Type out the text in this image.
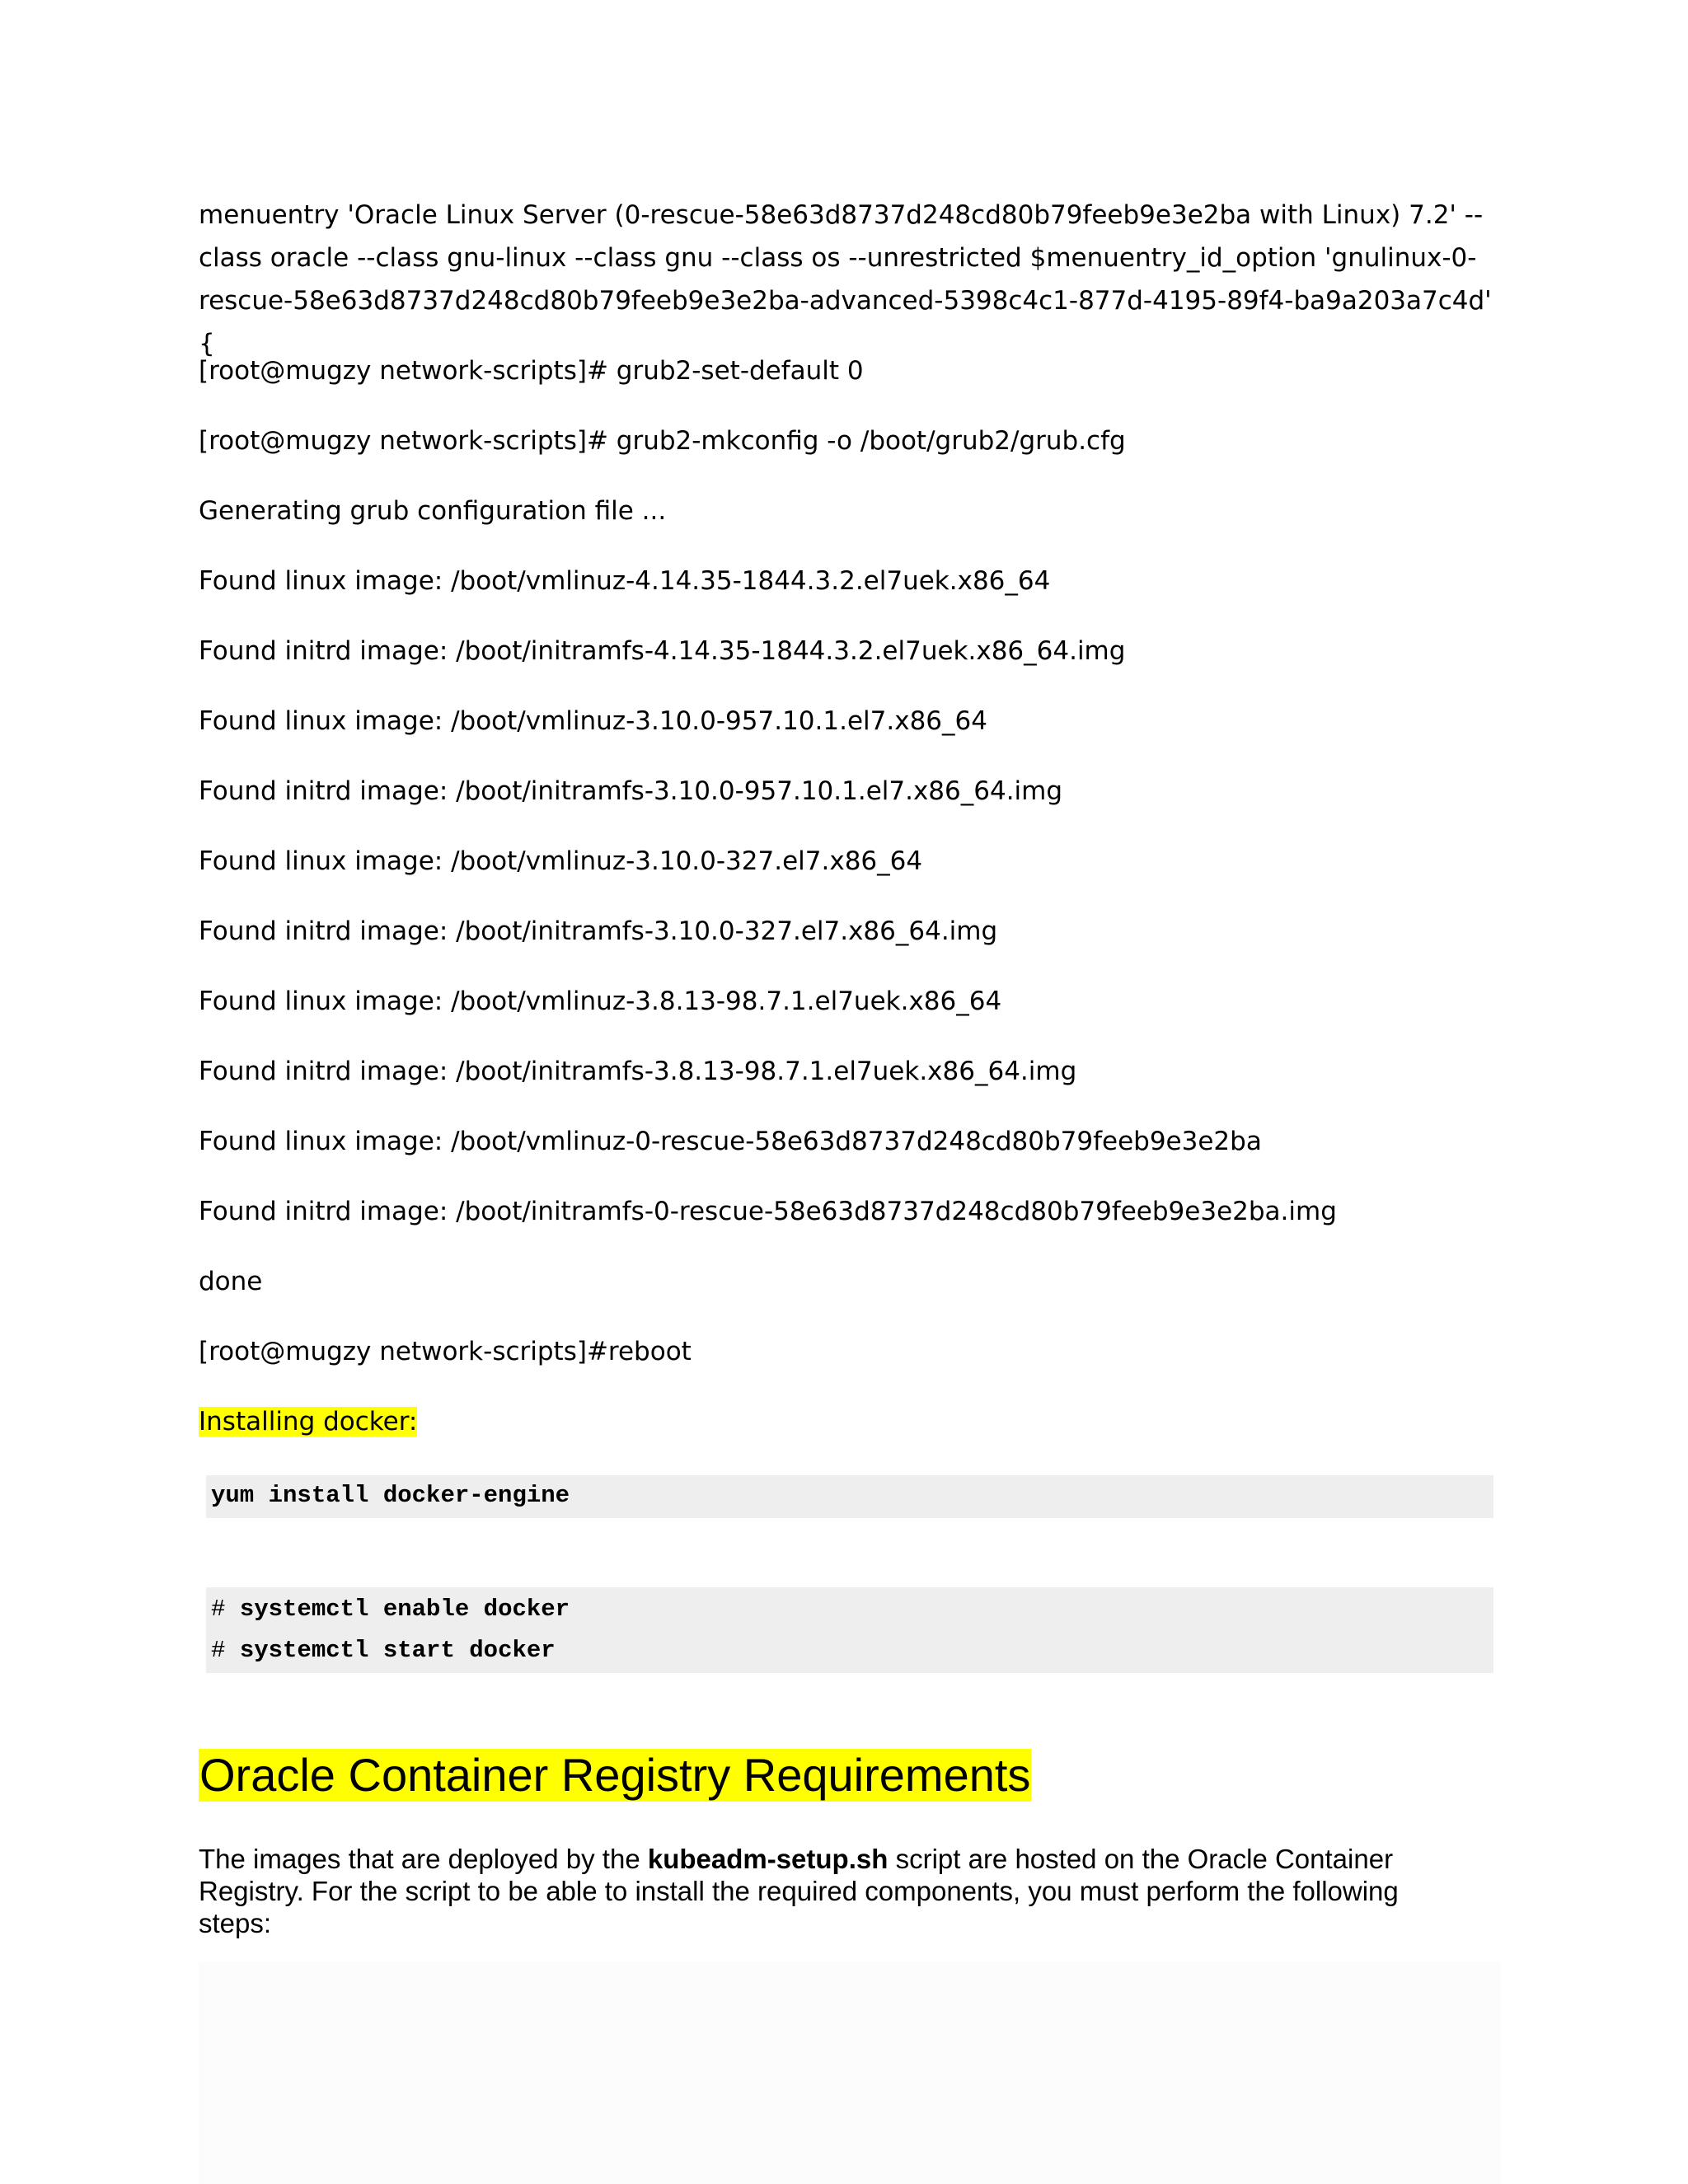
menuentry 'Oracle Linux Server (0-rescue-58e63d8737d248cd80b79feeb9e3e2ba with Linux) 7.2' --class oracle --class gnu-linux --class gnu --class os --unrestricted $menuentry_id_option 'gnulinux-0-rescue-58e63d8737d248cd80b79feeb9e3e2ba-advanced-5398c4c1-877d-4195-89f4-ba9a203a7c4d' {
[root@mugzy network-scripts]# grub2-set-default 0
[root@mugzy network-scripts]# grub2-mkconfig -o /boot/grub2/grub.cfg
Generating grub configuration file ...
Found linux image: /boot/vmlinuz-4.14.35-1844.3.2.el7uek.x86_64
Found initrd image: /boot/initramfs-4.14.35-1844.3.2.el7uek.x86_64.img
Found linux image: /boot/vmlinuz-3.10.0-957.10.1.el7.x86_64
Found initrd image: /boot/initramfs-3.10.0-957.10.1.el7.x86_64.img
Found linux image: /boot/vmlinuz-3.10.0-327.el7.x86_64
Found initrd image: /boot/initramfs-3.10.0-327.el7.x86_64.img
Found linux image: /boot/vmlinuz-3.8.13-98.7.1.el7uek.x86_64
Found initrd image: /boot/initramfs-3.8.13-98.7.1.el7uek.x86_64.img
Found linux image: /boot/vmlinuz-0-rescue-58e63d8737d248cd80b79feeb9e3e2ba
Found initrd image: /boot/initramfs-0-rescue-58e63d8737d248cd80b79feeb9e3e2ba.img
done
[root@mugzy network-scripts]#reboot
Installing docker:
yum install docker-engine
# systemctl enable docker
# systemctl start docker
Oracle Container Registry Requirements
The images that are deployed by the kubeadm-setup.sh script are hosted on the Oracle Container Registry. For the script to be able to install the required components, you must perform the following steps:
